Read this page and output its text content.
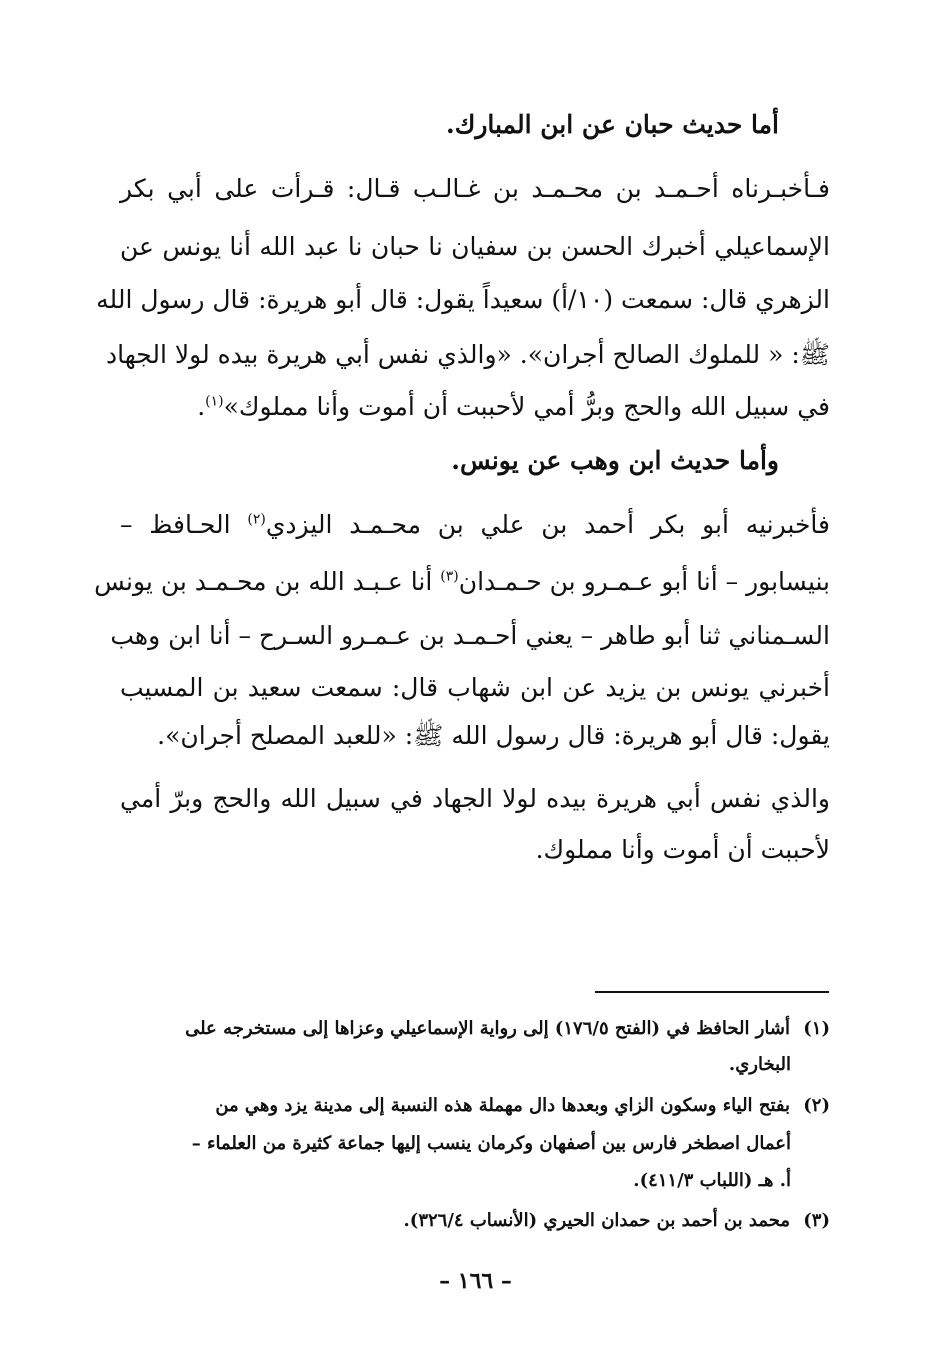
أما حديث حبان عن ابن المبارك.

فـأخبـرناه أحـمـد بن محـمـد بن غـالـب قـال: قـرأت على أبي بكر

الإسماعيلي أخبرك الحسن بن سفيان نا حبان نا عبد الله أنا يونس عن

الزهري قال: سمعت (١٠/أ) سعيداً يقول: قال أبو هريرة: قال رسول الله

ﷺ: « للملوك الصالح أجران». «والذي نفس أبي هريرة بيده لولا الجهاد

في سبيل الله والحج وبرُّ أمي لأحببت أن أموت وأنا مملوك»$^{(١)}$.

وأما حديث ابن وهب عن يونس.

فأخبرنيه أبو بكر أحمد بن علي بن محـمـد اليزدي$^{(٢)}$ الحـافظ –

بنيسابور – أنا أبو عـمـرو بن حـمـدان$^{(٣)}$ أنا عـبـد الله بن محـمـد بن يونس

السـمناني ثنا أبو طاهر – يعني أحـمـد بن عـمـرو السـرح – أنا ابن وهب

أخبرني يونس بن يزيد عن ابن شهاب قال: سمعت سعيد بن المسيب

يقول: قال أبو هريرة: قال رسول الله ﷺ: «للعبد المصلح أجران».

والذي نفس أبي هريرة بيده لولا الجهاد في سبيل الله والحج وبرّ أمي

لأحببت أن أموت وأنا مملوك.

(١)أشار الحافظ في (الفتح ١٧٦/٥) إلى رواية الإسماعيلي وعزاها إلى مستخرجه على

البخاري.

(٢)بفتح الياء وسكون الزاي وبعدها دال مهملة هذه النسبة إلى مدينة يزد وهي من

أعمال اصطخر فارس بين أصفهان وكرمان ينسب إليها جماعة كثيرة من العلماء –

أ. هـ (اللباب ٤١١/٣).

(٣)محمد بن أحمد بن حمدان الحيري (الأنساب ٣٢٦/٤).

– ١٦٦ –
